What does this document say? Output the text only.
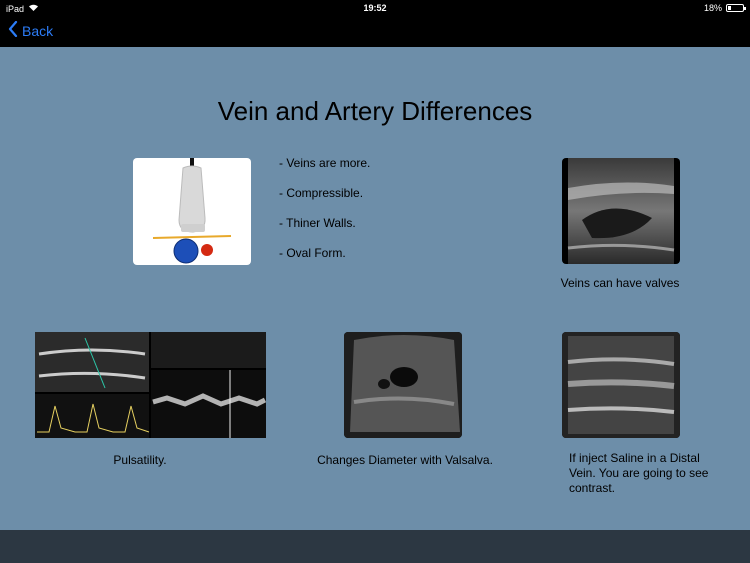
iPad	19:52	18%
Back
Vein and Artery Differences
- Veins are more.
- Compressible.
- Thiner Walls.
- Oval Form.
Veins can have valves
Pulsatility.	Changes Diameter with Valsalva.	If inject Saline in a Distal Vein. You are going to see contrast.
